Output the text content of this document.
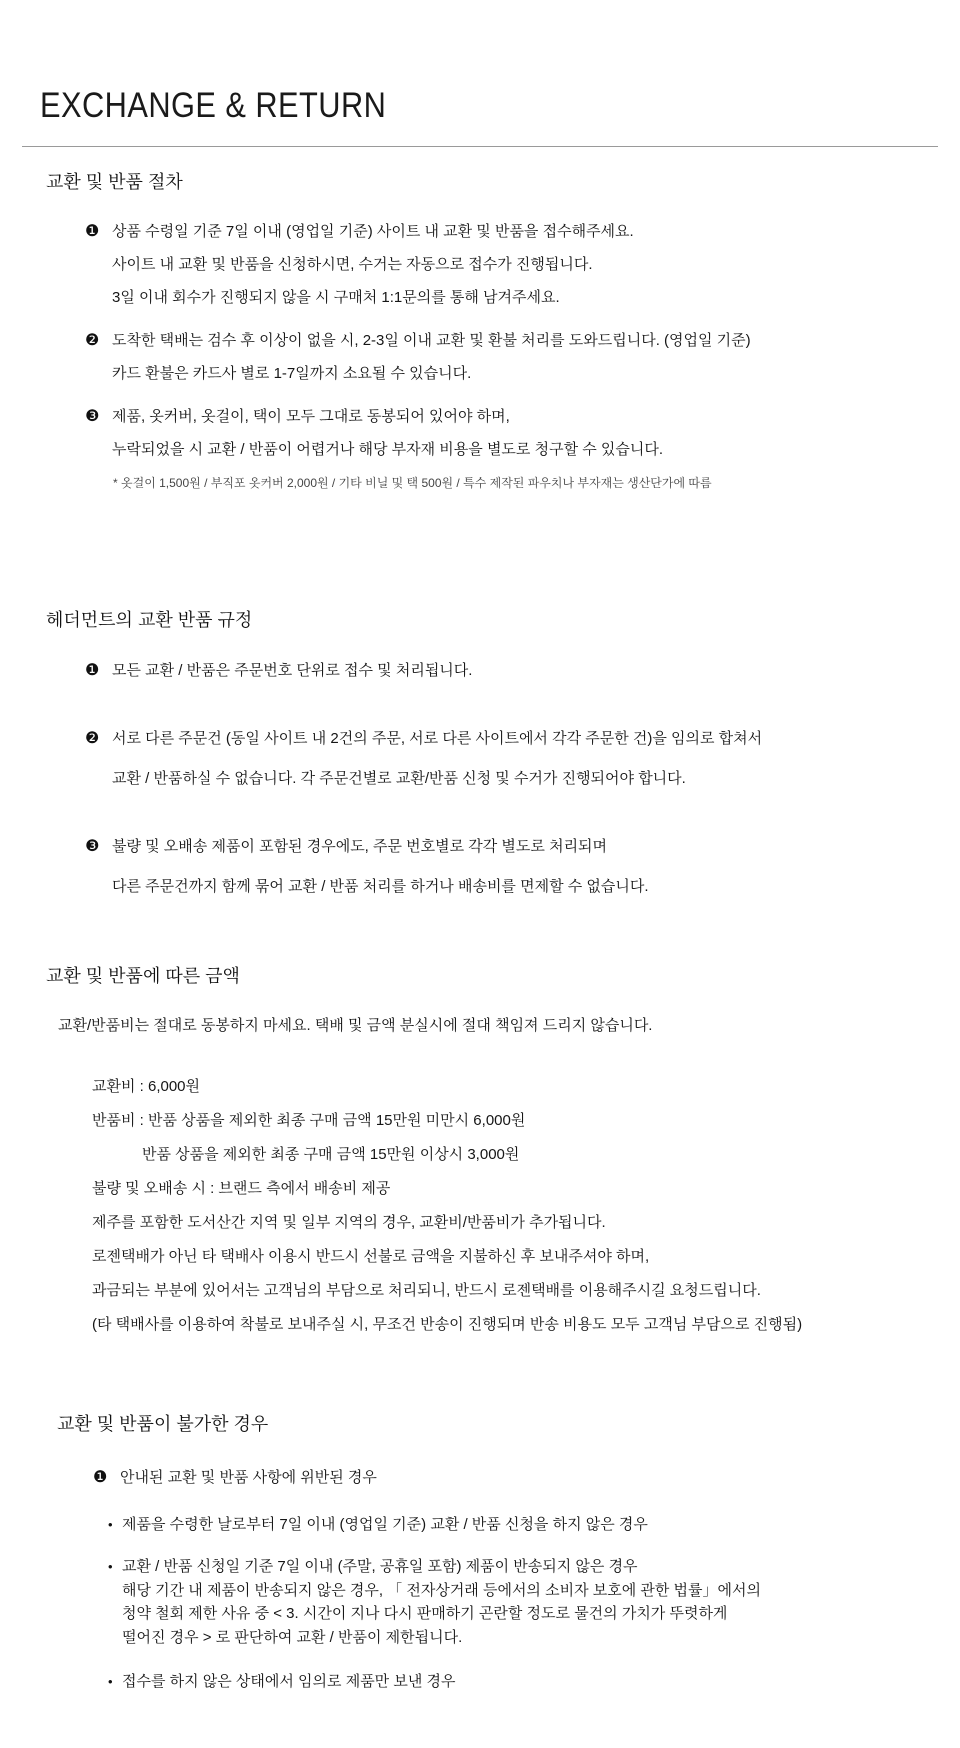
EXCHANGE & RETURN
교환 및 반품 절차
❶ 상품 수령일 기준 7일 이내 (영업일 기준) 사이트 내 교환 및 반품을 접수해주세요.
사이트 내 교환 및 반품을 신청하시면, 수거는 자동으로 접수가 진행됩니다.
3일 이내 회수가 진행되지 않을 시 구매처 1:1문의를 통해 남겨주세요.
❷ 도착한 택배는 검수 후 이상이 없을 시, 2-3일 이내 교환 및 환불 처리를 도와드립니다. (영업일 기준)
카드 환불은 카드사 별로 1-7일까지 소요될 수 있습니다.
❸ 제품, 옷커버, 옷걸이, 택이 모두 그대로 동봉되어 있어야 하며,
누락되었을 시 교환 / 반품이 어렵거나 해당 부자재 비용을 별도로 청구할 수 있습니다.
* 옷걸이 1,500원 / 부직포 옷커버 2,000원 / 기타 비닐 및 택 500원 / 특수 제작된 파우치나 부자재는 생산단가에 따름
헤더먼트의 교환 반품 규정
❶ 모든 교환 / 반품은 주문번호 단위로 접수 및 처리됩니다.
❷ 서로 다른 주문건 (동일 사이트 내 2건의 주문, 서로 다른 사이트에서 각각 주문한 건)을 임의로 합쳐서
교환 / 반품하실 수 없습니다. 각 주문건별로 교환/반품 신청 및 수거가 진행되어야 합니다.
❸ 불량 및 오배송 제품이 포함된 경우에도, 주문 번호별로 각각 별도로 처리되며
다른 주문건까지 함께 묶어 교환 / 반품 처리를 하거나 배송비를 면제할 수 없습니다.
교환 및 반품에 따른 금액
교환/반품비는 절대로 동봉하지 마세요. 택배 및 금액 분실시에 절대 책임져 드리지 않습니다.
교환비 : 6,000원
반품비 : 반품 상품을 제외한 최종 구매 금액 15만원 미만시 6,000원
반품 상품을 제외한 최종 구매 금액 15만원 이상시 3,000원
불량 및 오배송 시 : 브랜드 측에서 배송비 제공
제주를 포함한 도서산간 지역 및 일부 지역의 경우, 교환비/반품비가 추가됩니다.
로젠택배가 아닌 타 택배사 이용시 반드시 선불로 금액을 지불하신 후 보내주셔야 하며,
과금되는 부분에 있어서는 고객님의 부담으로 처리되니, 반드시 로젠택배를 이용해주시길 요청드립니다.
(타 택배사를 이용하여 착불로 보내주실 시, 무조건 반송이 진행되며 반송 비용도 모두 고객님 부담으로 진행됨)
교환 및 반품이 불가한 경우
❶ 안내된 교환 및 반품 사항에 위반된 경우
• 제품을 수령한 날로부터 7일 이내 (영업일 기준) 교환 / 반품 신청을 하지 않은 경우
• 교환 / 반품 신청일 기준 7일 이내 (주말, 공휴일 포함) 제품이 반송되지 않은 경우
해당 기간 내 제품이 반송되지 않은 경우, 「 전자상거래 등에서의 소비자 보호에 관한 법률」에서의
청약 철회 제한 사유 중 < 3. 시간이 지나 다시 판매하기 곤란할 정도로 물건의 가치가 뚜렷하게
떨어진 경우 > 로 판단하여 교환 / 반품이 제한됩니다.
• 접수를 하지 않은 상태에서 임의로 제품만 보낸 경우
